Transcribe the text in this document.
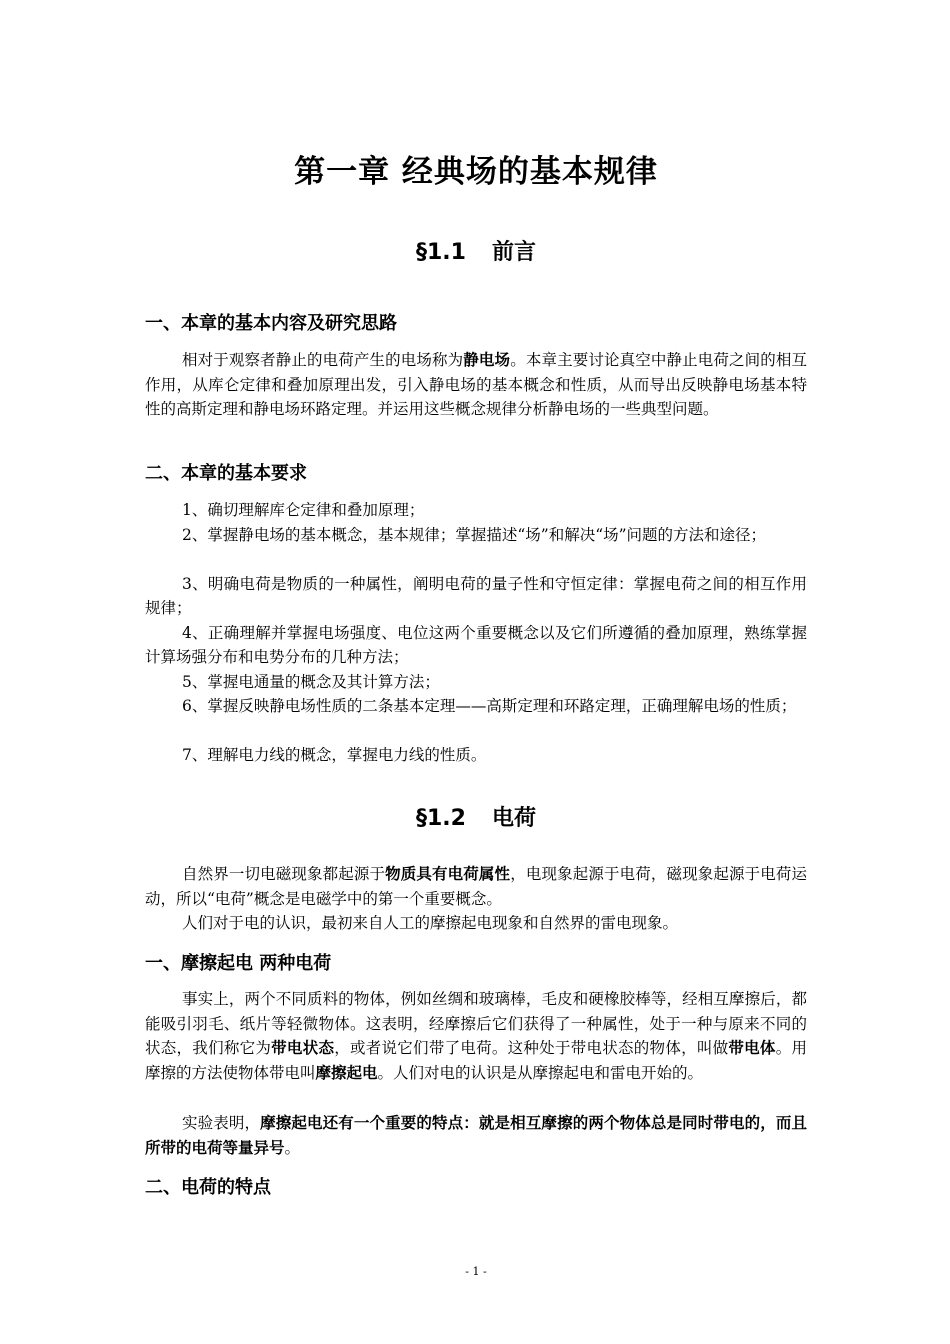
第一章 经典场的基本规律
§1.1 前言
一、本章的基本内容及研究思路
相对于观察者静止的电荷产生的电场称为静电场。本章主要讨论真空中静止电荷之间的相互作用，从库仑定律和叠加原理出发，引入静电场的基本概念和性质，从而导出反映静电场基本特性的高斯定理和静电场环路定理。并运用这些概念规律分析静电场的一些典型问题。
二、本章的基本要求
1、确切理解库仑定律和叠加原理；
2、掌握静电场的基本概念，基本规律；掌握描述“场”和解决“场”问题的方法和途径；
3、明确电荷是物质的一种属性，阐明电荷的量子性和守恒定律：掌握电荷之间的相互作用规律；
4、正确理解并掌握电场强度、电位这两个重要概念以及它们所遵循的叠加原理，熟练掌握计算场强分布和电势分布的几种方法；
5、掌握电通量的概念及其计算方法；
6、掌握反映静电场性质的二条基本定理——高斯定理和环路定理，正确理解电场的性质；
7、理解电力线的概念，掌握电力线的性质。
§1.2 电荷
自然界一切电磁现象都起源于物质具有电荷属性，电现象起源于电荷，磁现象起源于电荷运动，所以“电荷”概念是电磁学中的第一个重要概念。
人们对于电的认识，最初来自人工的摩擦起电现象和自然界的雷电现象。
一、摩擦起电 两种电荷
事实上，两个不同质料的物体，例如丝绸和玻璃棒，毛皮和硬橡胶棒等，经相互摩擦后，都能吸引羽毛、纸片等轻微物体。这表明，经摩擦后它们获得了一种属性，处于一种与原来不同的状态，我们称它为带电状态，或者说它们带了电荷。这种处于带电状态的物体，叫做带电体。用摩擦的方法使物体带电叫摩擦起电。人们对电的认识是从摩擦起电和雷电开始的。
实验表明，摩擦起电还有一个重要的特点：就是相互摩擦的两个物体总是同时带电的，而且所带的电荷等量异号。
二、电荷的特点
- 1 -
